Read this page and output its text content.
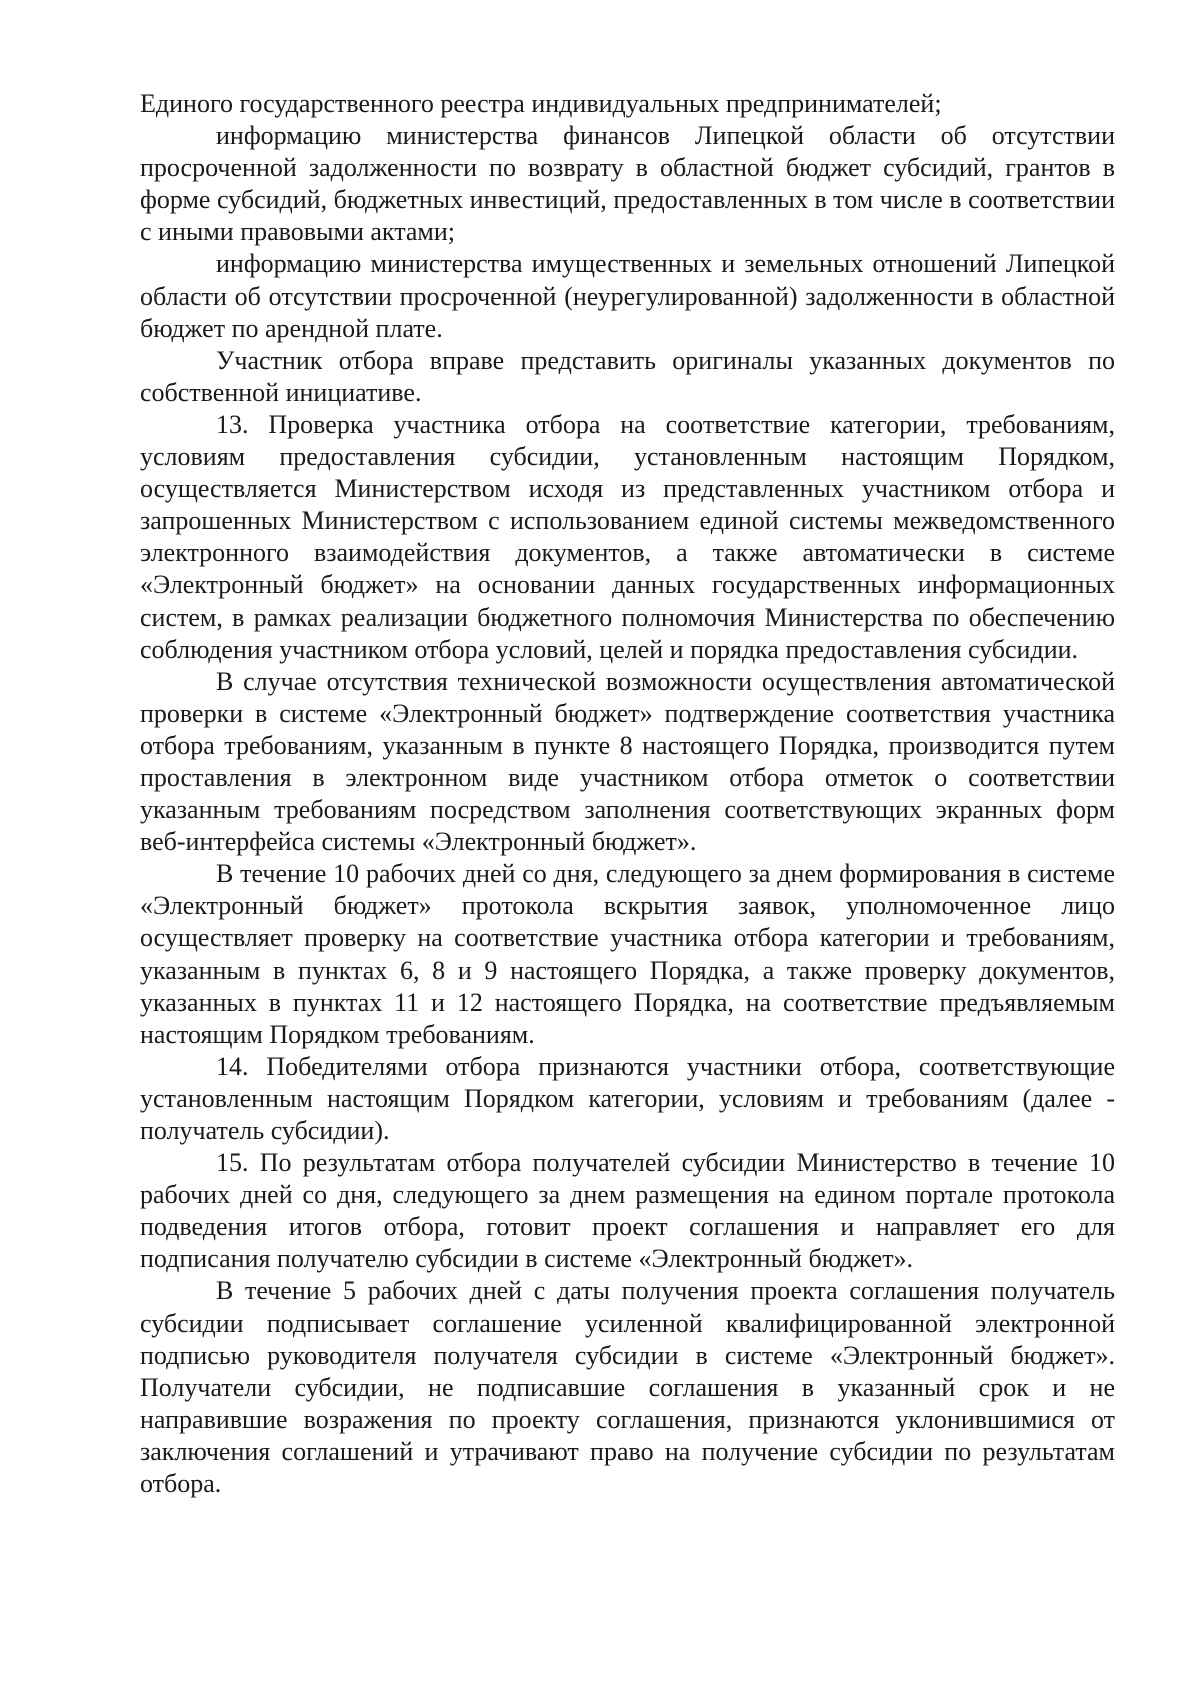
Единого государственного реестра индивидуальных предпринимателей;

информацию министерства финансов Липецкой области об отсутствии просроченной задолженности по возврату в областной бюджет субсидий, грантов в форме субсидий, бюджетных инвестиций, предоставленных в том числе в соответствии с иными правовыми актами;

информацию министерства имущественных и земельных отношений Липецкой области об отсутствии просроченной (неурегулированной) задолженности в областной бюджет по арендной плате.

Участник отбора вправе представить оригиналы указанных документов по собственной инициативе.

13. Проверка участника отбора на соответствие категории, требованиям, условиям предоставления субсидии, установленным настоящим Порядком, осуществляется Министерством исходя из представленных участником отбора и запрошенных Министерством с использованием единой системы межведомственного электронного взаимодействия документов, а также автоматически в системе «Электронный бюджет» на основании данных государственных информационных систем, в рамках реализации бюджетного полномочия Министерства по обеспечению соблюдения участником отбора условий, целей и порядка предоставления субсидии.

В случае отсутствия технической возможности осуществления автоматической проверки в системе «Электронный бюджет» подтверждение соответствия участника отбора требованиям, указанным в пункте 8 настоящего Порядка, производится путем проставления в электронном виде участником отбора отметок о соответствии указанным требованиям посредством заполнения соответствующих экранных форм веб-интерфейса системы «Электронный бюджет».

В течение 10 рабочих дней со дня, следующего за днем формирования в системе «Электронный бюджет» протокола вскрытия заявок, уполномоченное лицо осуществляет проверку на соответствие участника отбора категории и требованиям, указанным в пунктах 6, 8 и 9 настоящего Порядка, а также проверку документов, указанных в пунктах 11 и 12 настоящего Порядка, на соответствие предъявляемым настоящим Порядком требованиям.

14. Победителями отбора признаются участники отбора, соответствующие установленным настоящим Порядком категории, условиям и требованиям (далее - получатель субсидии).

15. По результатам отбора получателей субсидии Министерство в течение 10 рабочих дней со дня, следующего за днем размещения на едином портале протокола подведения итогов отбора, готовит проект соглашения и направляет его для подписания получателю субсидии в системе «Электронный бюджет».

В течение 5 рабочих дней с даты получения проекта соглашения получатель субсидии подписывает соглашение усиленной квалифицированной электронной подписью руководителя получателя субсидии в системе «Электронный бюджет». Получатели субсидии, не подписавшие соглашения в указанный срок и не направившие возражения по проекту соглашения, признаются уклонившимися от заключения соглашений и утрачивают право на получение субсидии по результатам отбора.
